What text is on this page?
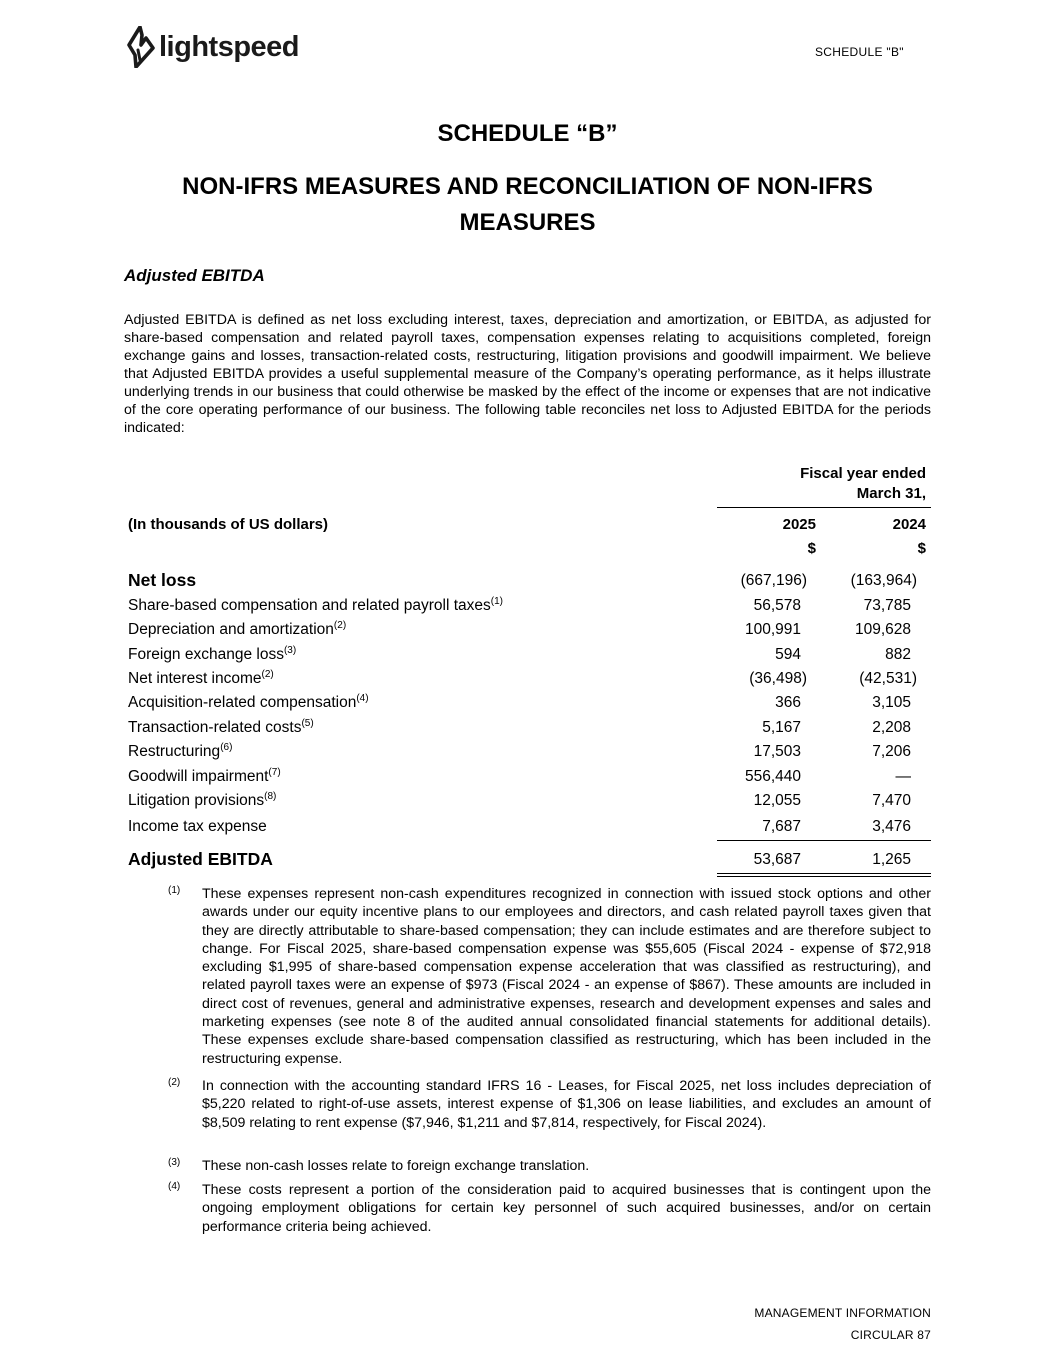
lightspeed	SCHEDULE "B"
SCHEDULE “B”
NON-IFRS MEASURES AND RECONCILIATION OF NON-IFRS MEASURES
Adjusted EBITDA
Adjusted EBITDA is defined as net loss excluding interest, taxes, depreciation and amortization, or EBITDA, as adjusted for share-based compensation and related payroll taxes, compensation expenses relating to acquisitions completed, foreign exchange gains and losses, transaction-related costs, restructuring, litigation provisions and goodwill impairment. We believe that Adjusted EBITDA provides a useful supplemental measure of the Company’s operating performance, as it helps illustrate underlying trends in our business that could otherwise be masked by the effect of the income or expenses that are not indicative of the core operating performance of our business. The following table reconciles net loss to Adjusted EBITDA for the periods indicated:
Fiscal year ended
March 31,
(In thousands of US dollars)	2025	2024
$	$
Net loss	(667,196)	(163,964)
Share-based compensation and related payroll taxes$^{(1)}$	56,578	73,785
Depreciation and amortization$^{(2)}$	100,991	109,628
Foreign exchange loss$^{(3)}$	594	882
Net interest income$^{(2)}$	(36,498)	(42,531)
Acquisition-related compensation$^{(4)}$	366	3,105
Transaction-related costs$^{(5)}$	5,167	2,208
Restructuring$^{(6)}$	17,503	7,206
Goodwill impairment$^{(7)}$	556,440	—
Litigation provisions$^{(8)}$	12,055	7,470
Income tax expense	7,687	3,476
Adjusted EBITDA	53,687	1,265
(1)	These expenses represent non-cash expenditures recognized in connection with issued stock options and other awards under our equity incentive plans to our employees and directors, and cash related payroll taxes given that they are directly attributable to share-based compensation; they can include estimates and are therefore subject to change. For Fiscal 2025, share-based compensation expense was $55,605 (Fiscal 2024 - expense of $72,918 excluding $1,995 of share-based compensation expense acceleration that was classified as restructuring), and related payroll taxes were an expense of $973 (Fiscal 2024 - an expense of $867). These amounts are included in direct cost of revenues, general and administrative expenses, research and development expenses and sales and marketing expenses (see note 8 of the audited annual consolidated financial statements for additional details). These expenses exclude share-based compensation classified as restructuring, which has been included in the restructuring expense.
(2)	In connection with the accounting standard IFRS 16 - Leases, for Fiscal 2025, net loss includes depreciation of $5,220 related to right-of-use assets, interest expense of $1,306 on lease liabilities, and excludes an amount of $8,509 relating to rent expense ($7,946, $1,211 and $7,814, respectively, for Fiscal 2024).
(3)	These non-cash losses relate to foreign exchange translation.
(4)	These costs represent a portion of the consideration paid to acquired businesses that is contingent upon the ongoing employment obligations for certain key personnel of such acquired businesses, and/or on certain performance criteria being achieved.
MANAGEMENT INFORMATION
CIRCULAR 87
